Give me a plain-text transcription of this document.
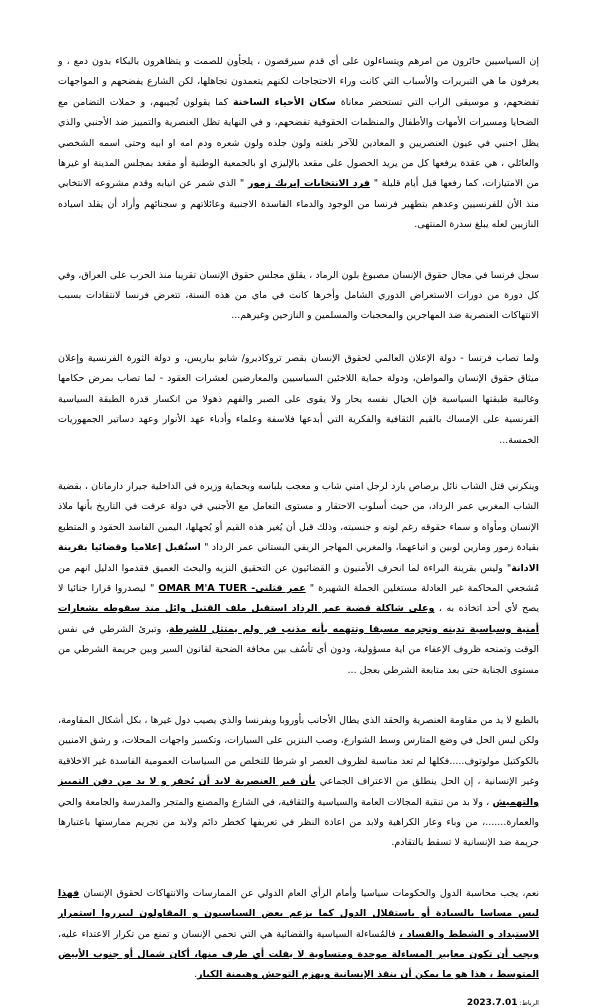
إن السياسيين حائرون من امرهم ويتساءلون على أي قدم سيرقصون ، يلجأون للصمت و يتظاهرون بالبكاء بدون دمع ، و يعرفون ما هي التبريرات والأسباب التي كانت وراء الاحتجاجات لكنهم يتعمدون تجاهلها، لكن الشارع يفضحهم و المواجهات تفضحهم، و موسيقى الراب التي تستحضر معاناة سكان الأحياء الساخنة كما يقولون تُجيبهم، و حملات التضامن مع الضحايا ومسيرات الأمهات والأطفال والمنظمات الحقوقية تفضحهم، و في النهاية تظل العنصرية والتمييز ضد الأجنبي والذي يظل اجنبي في عيون العنصريين و المعادين للآخر بلغته ولون جلده ولون شعره ودم امه او ابيه وحتى اسمه الشخصي والعائلي ، هي عقدة يرفعها كل من يريد الحصول على مقعد بالإليزي او بالجمعية الوطنية أو مقعد بمجلس المدينة او غيرها من الامتيازات، كما رفعها قبل أيام قليلة " فرد الانتخابات إيريك زمور " الذي شمر عن انيابه وقدم مشروعه الانتخابي منذ الأن للفرنسيين وعدهم بتطهير فرنسا من الوجود والدماء الفاسدة الاجنبية وعائلاتهم و سجنائهم وأراد أن يقلد اسياده النازيين لعله يبلغ سدرة المنتهى.

سجل فرنسا في مجال حقوق الإنسان مصبوغ بلون الرماد ، يقلق مجلس حقوق الإنسان تقريبا منذ الحرب على العراق، وفي كل دورة من دورات الاستعراض الدوري الشامل وأخرها كانت في ماي من هذه السنة، تتعرض فرنسا لانتقادات بسبب الانتهاكات العنصرية ضد المهاجرين والمحجبات والمسلمين و النازحين وغيرهم...

ولما تصاب فرنسا - دولة الإعلان العالمي لحقوق الإنسان بقصر تروكاديرو/ شايو بباريس، و دولة الثورة الفرنسية وإعلان ميثاق حقوق الإنسان والمواطن، ودولة حماية اللاجئين السياسيين والمعارضين لعشرات العقود - لما تصاب بمرض حكامها وغالبية طبقتها السياسية فإن الخيال نفسه يحار ولا يقوى على الصبر والفهم ذهولا من انكسار قدرة الطبقة السياسية الفرنسية على الإمساك بالقيم الثقافية والفكرية التي أبدعها فلاسفة وعلماء وأدباء عهد الأنوار وعهد دساتير الجمهوريات الخمسة...

وينكرني قتل الشاب نائل برصاص بارد لرجل امني شاب و معجب بلباسه وبحماية وزيره في الداخلية جيرار دارمانان ، بقضية الشاب المغربي عمر الرداد، من حيث أسلوب الاحتقار و مستوى التعامل مع الأجنبي في دولة عرفت في التاريخ بأنها ملاذ الإنسان ومأواه و سماء حقوقه رغم لونه و جنسيته، وذلك قبل أن يُغير هذه القيم أو يُجهلها، اليمين الفاسد الحقود و المتطبع بقيادة زمور ومارين لوبين و اتباعهما، والمغربي المهاجر الريفي البستاني عمر الرداد " استُقبل إعلاميا وقضائيا بقرينة الادانة" وليس بقرينة البراءة لما انحرف الأمنيون و القضائيون عن التحقيق النزيه والبحث العميق فقدموا الدليل انهم من مُشجعي المحاكمة غير العادلة مستغلين الجملة الشهيرة " عمر قتلني- OMAR M'A TUER " ليصدروا قرارا جنائيا لا يصح لأي أحد اتخاذه به ، وعلى شاكلة قضية عمر الرداد استقبل ملف القتيل وائل منذ سقوطه بشعارات أمنية وسياسية تدينه وتجرمه مسبقا وتتهمه بأنه مذنب فر ولم يمتثل للشرطة، وتبرئ الشرطي في نفس الوقت وتمنحه ظروف الإعفاء من اية مسؤولية، ودون أي تأسُف بين مخافة الضحية لقانون السير وبين جريمة الشرطي من مستوى الجناية حتى بعد متابعة الشرطي بعجل ...

بالطبع لا يد من مقاومة العنصرية والحقد الذي يطال الأجانب بأوروبا ويفرنسا والذي يصيب دول غيرها ، بكل أشكال المقاومة، ولكن ليس الحل في وضع المتارس وسط الشوارع، وصب البنزين على السيارات، وتكسير واجهات المحلات، و رشق الامنيين بالكوكتيل مولوتوف.....فكلها لم تعد مناسبة لظروف العصر او شرطا للتخلص من السياسات العمومية الفاسدة غير الاخلاقية وغير الإنسانية ، إن الحل ينطلق من الاعتراف الجماعي بأن قبر العنصرية لابد أن يُحفر و لا بد من دفن التمييز والتهميش ، ولا بد من تنقية المجالات العامة والسياسية والثقافية، في الشارع والمصنع والمتجر والمدرسة والجامعة والحي والعمارة.......، من وباء وعار الكراهية ولابد من اعادة النظر في تعريفها كخطر دائم ولابد من تجريم ممارستها باعتبارها جريمة ضد الإنسانية لا تسقط بالتقادم.

نعم، يجب محاسبة الدول والحكومات سياسيا وأمام الرأي العام الدولي عن الممارسات والانتهاكات لحقوق الإنسان فهذا ليس مساسا بالسيادة أو باستقلال الدول كما يزعم بعض السياسيون و المقاولون ليبرروا استمرار الاستبداد و الشطط والفساد ، فالمُساءلة السياسية والقضائية هي التي تحمي الإنسان و تمنع من تكرار الاعتداء عليه، ويجب أن تكون معايير المساءلة موحدة ومتساوية لا يفلت أي طرف منها، أكان شمال أو جنوب الأبيض المتوسط ، هذا هو ما يمكن أن ينقذ الإنسانية ويهزم التوحش وهيمنة الكبار.

الرباط: 2023.7.01
